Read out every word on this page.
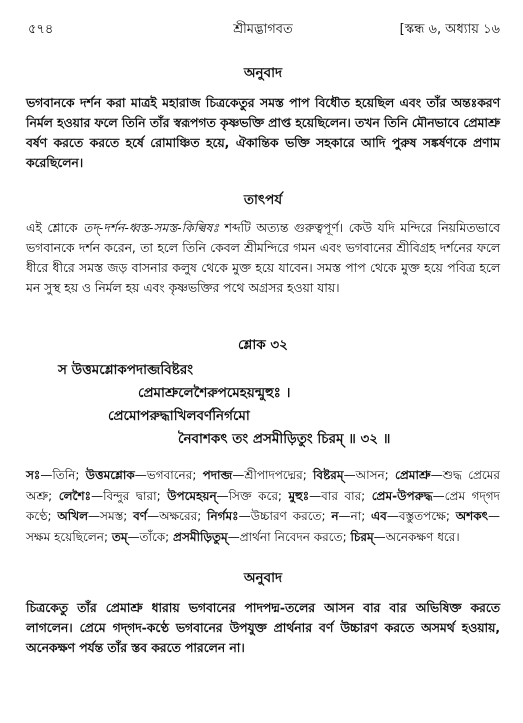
৫৭৪	শ্রীমদ্ভাগবত	[স্কন্ধ ৬, অধ্যায় ১৬
অনুবাদ

ভগবানকে দর্শন করা মাত্রই মহারাজ চিত্রকেতুর সমস্ত পাপ বিধৌত হয়েছিল এবং তাঁর অন্তঃকরণ নির্মল হওয়ার ফলে তিনি তাঁর স্বরূপগত কৃষ্ণভক্তি প্রাপ্ত হয়েছিলেন। তখন তিনি মৌনভাবে প্রেমাশ্রু বর্ষণ করতে করতে হর্ষে রোমাঞ্চিত হয়ে, ঐকান্তিক ভক্তি সহকারে আদি পুরুষ সঙ্কর্ষণকে প্রণাম করেছিলেন।

তাৎপর্য

এই শ্লোকে তদ্-দর্শন-ধ্বস্ত-সমস্ত-কিল্বিষঃ শব্দটি অত্যন্ত গুরুত্বপূর্ণ। কেউ যদি মন্দিরে নিয়মিতভাবে ভগবানকে দর্শন করেন, তা হলে তিনি কেবল শ্রীমন্দিরে গমন এবং ভগবানের শ্রীবিগ্রহ দর্শনের ফলে ধীরে ধীরে সমস্ত জড় বাসনার কলুষ থেকে মুক্ত হয়ে যাবেন। সমস্ত পাপ থেকে মুক্ত হয়ে পবিত্র হলে মন সুস্থ হয় ও নির্মল হয় এবং কৃষ্ণভক্তির পথে অগ্রসর হওয়া যায়।

শ্লোক ৩২
স উত্তমশ্লোকপদাব্জবিষ্টরং
প্রেমাশ্রুলেশৈরুপমেহয়ন্মুহুঃ ।
প্রেমোপরুদ্ধাখিলবর্ণনির্গমো
নৈবাশকৎ তং প্রসমীড়িতুং চিরম্ ॥ ৩২ ॥

সঃ—তিনি; উত্তমশ্লোক—ভগবানের; পদাব্জ—শ্রীপাদপদ্মের; বিষ্টরম্—আসন; প্রেমাশ্রু—শুদ্ধ প্রেমের অশ্রু; লেশৈঃ—বিন্দুর দ্বারা; উপমেহয়ন্—সিক্ত করে; মুহুঃ—বার বার; প্রেম-উপরুদ্ধ—প্রেম গদ্‌গদ কণ্ঠে; অখিল—সমস্ত; বর্ণ—অক্ষরের; নির্গমঃ—উচ্চারণ করতে; ন—না; এব—বস্তুতপক্ষে; অশকৎ—সক্ষম হয়েছিলেন; তম্—তাঁকে; প্রসমীড়িতুম্—প্রার্থনা নিবেদন করতে; চিরম্—অনেকক্ষণ ধরে।

অনুবাদ

চিত্রকেতু তাঁর প্রেমাশ্রু ধারায় ভগবানের পাদপদ্ম-তলের আসন বার বার অভিষিক্ত করতে লাগলেন। প্রেমে গদ্‌গদ-কণ্ঠে ভগবানের উপযুক্ত প্রার্থনার বর্ণ উচ্চারণ করতে অসমর্থ হওয়ায়, অনেকক্ষণ পর্যন্ত তাঁর স্তব করতে পারলেন না।
